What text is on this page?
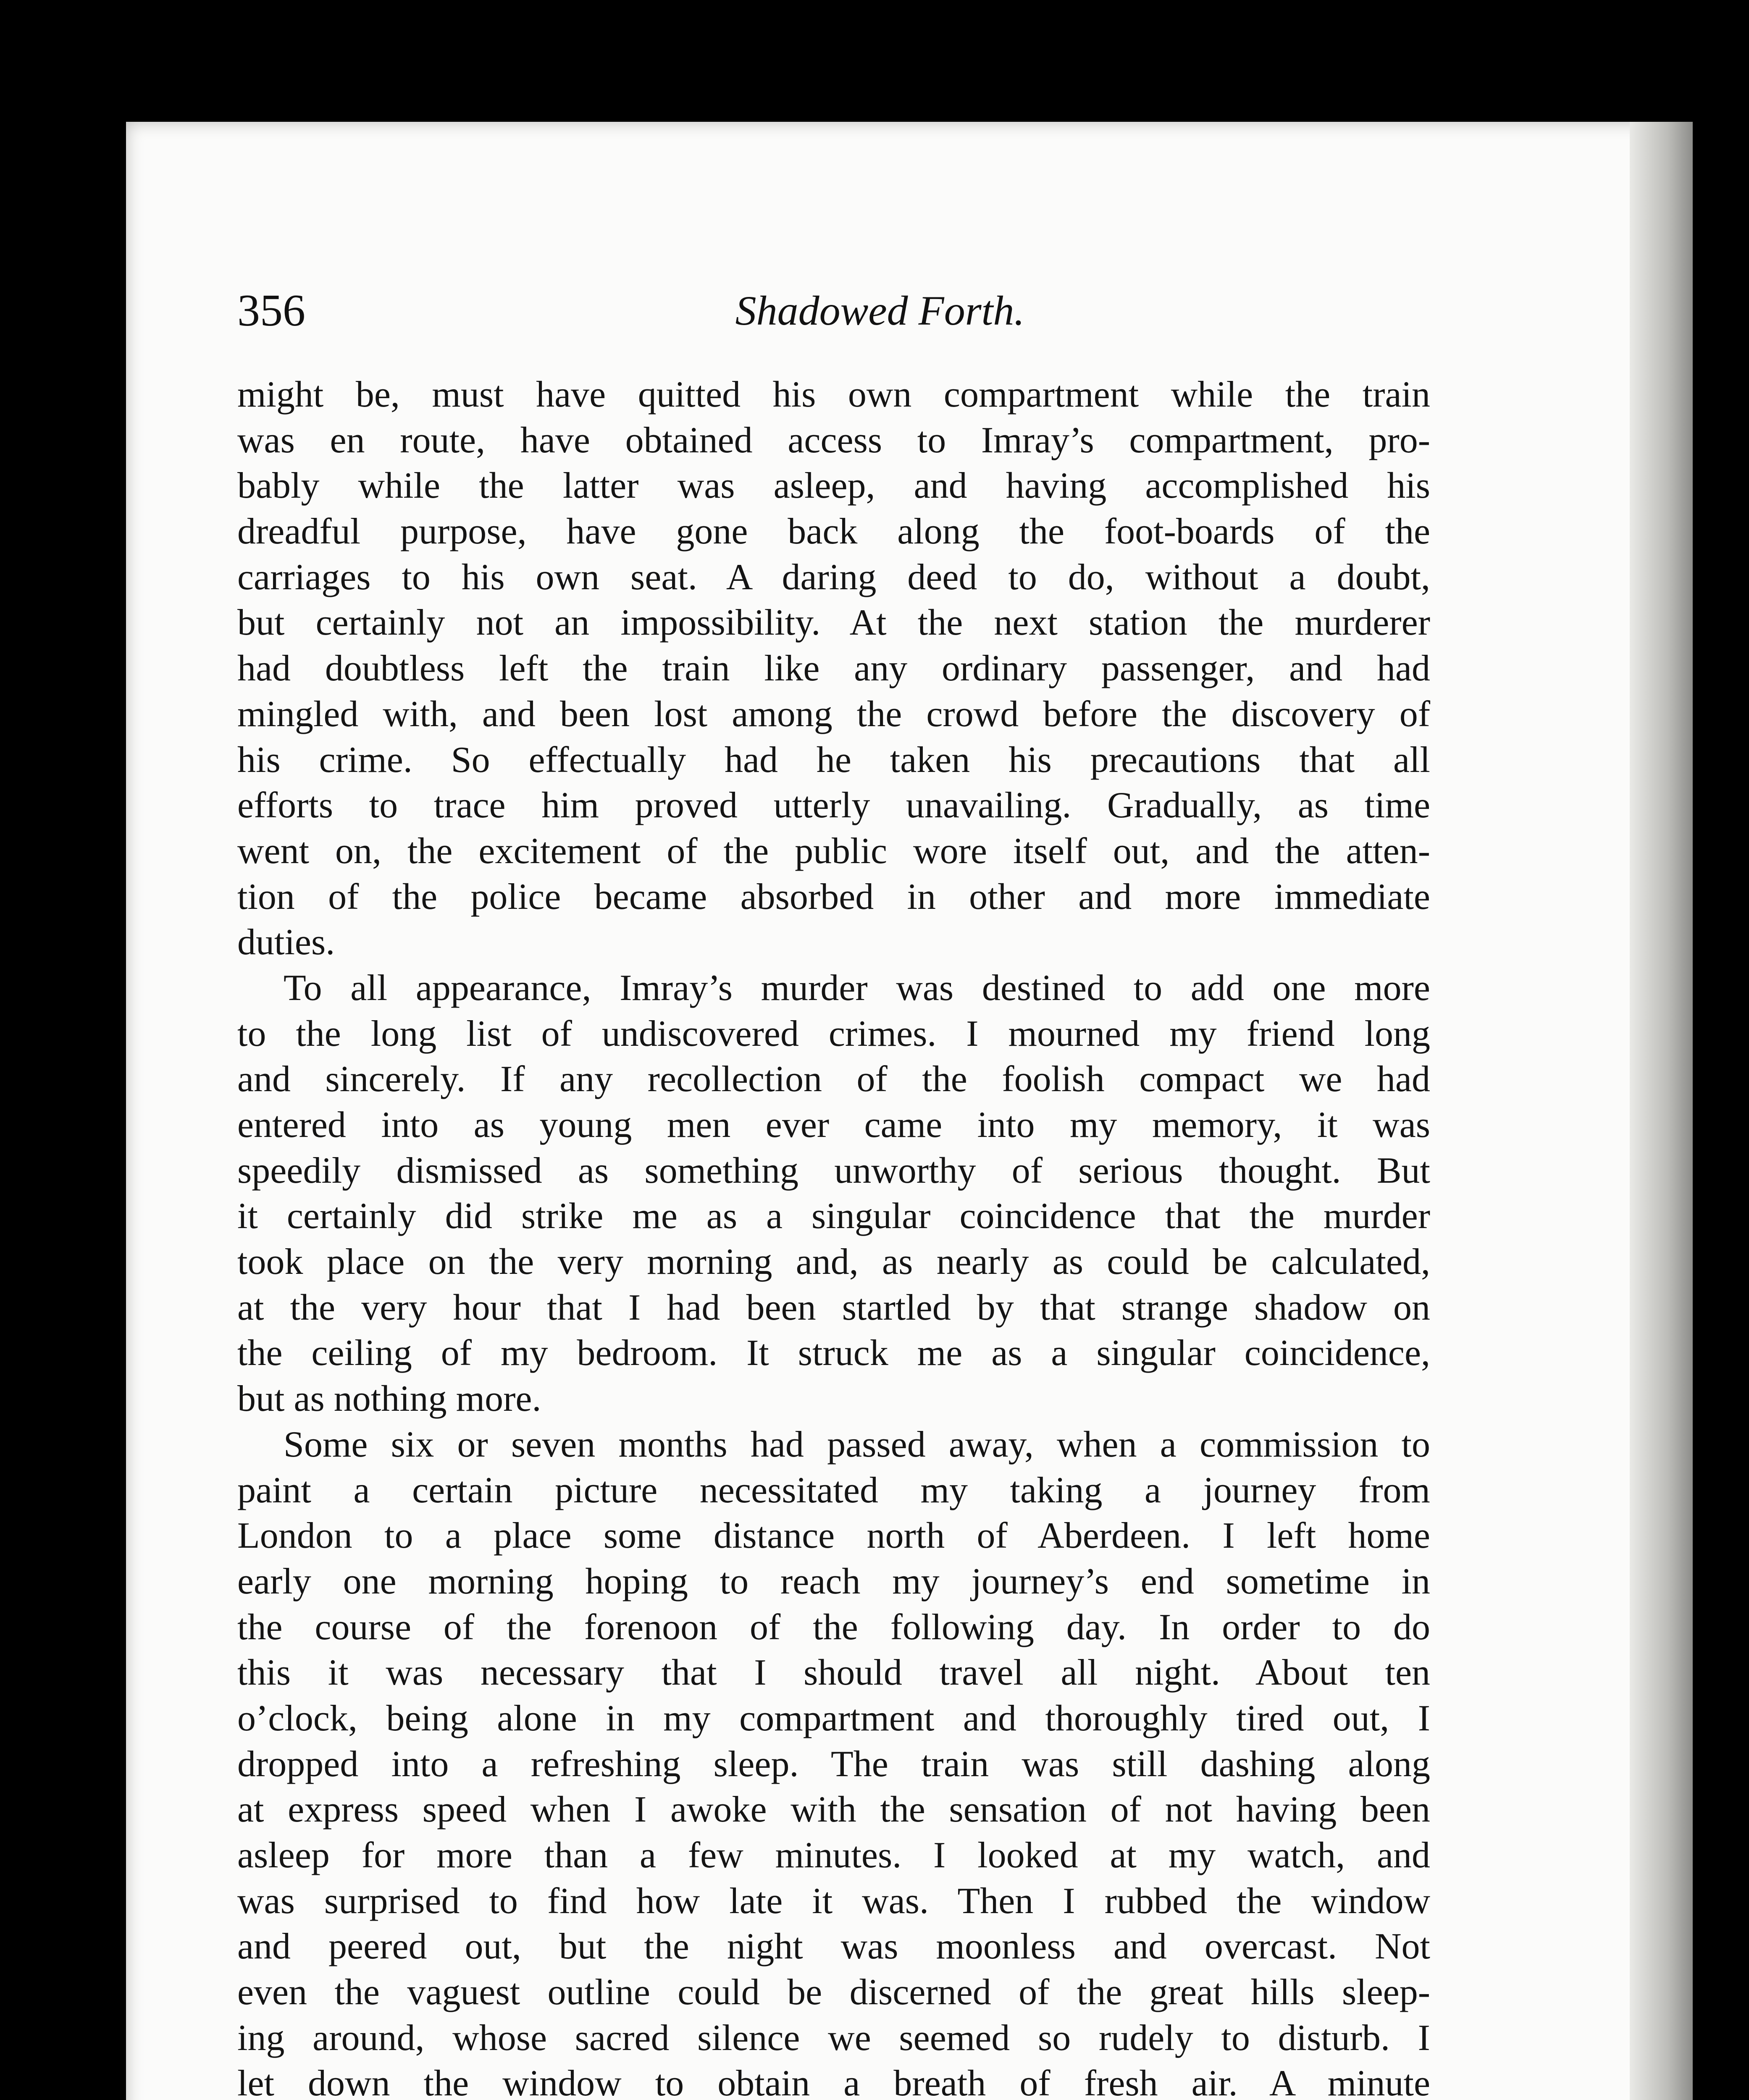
356	Shadowed Forth.
might be, must have quitted his own compartment while the train
was en route, have obtained access to Imray’s compartment, pro-
bably while the latter was asleep, and having accomplished his
dreadful purpose, have gone back along the foot-boards of the
carriages to his own seat. A daring deed to do, without a doubt,
but certainly not an impossibility. At the next station the murderer
had doubtless left the train like any ordinary passenger, and had
mingled with, and been lost among the crowd before the discovery of
his crime. So effectually had he taken his precautions that all
efforts to trace him proved utterly unavailing. Gradually, as time
went on, the excitement of the public wore itself out, and the atten-
tion of the police became absorbed in other and more immediate
duties.
To all appearance, Imray’s murder was destined to add one more
to the long list of undiscovered crimes. I mourned my friend long
and sincerely. If any recollection of the foolish compact we had
entered into as young men ever came into my memory, it was
speedily dismissed as something unworthy of serious thought. But
it certainly did strike me as a singular coincidence that the murder
took place on the very morning and, as nearly as could be calculated,
at the very hour that I had been startled by that strange shadow on
the ceiling of my bedroom. It struck me as a singular coincidence,
but as nothing more.
Some six or seven months had passed away, when a commission to
paint a certain picture necessitated my taking a journey from
London to a place some distance north of Aberdeen. I left home
early one morning hoping to reach my journey’s end sometime in
the course of the forenoon of the following day. In order to do
this it was necessary that I should travel all night. About ten
o’clock, being alone in my compartment and thoroughly tired out, I
dropped into a refreshing sleep. The train was still dashing along
at express speed when I awoke with the sensation of not having been
asleep for more than a few minutes. I looked at my watch, and
was surprised to find how late it was. Then I rubbed the window
and peered out, but the night was moonless and overcast. Not
even the vaguest outline could be discerned of the great hills sleep-
ing around, whose sacred silence we seemed so rudely to disturb. I
let down the window to obtain a breath of fresh air. A minute
